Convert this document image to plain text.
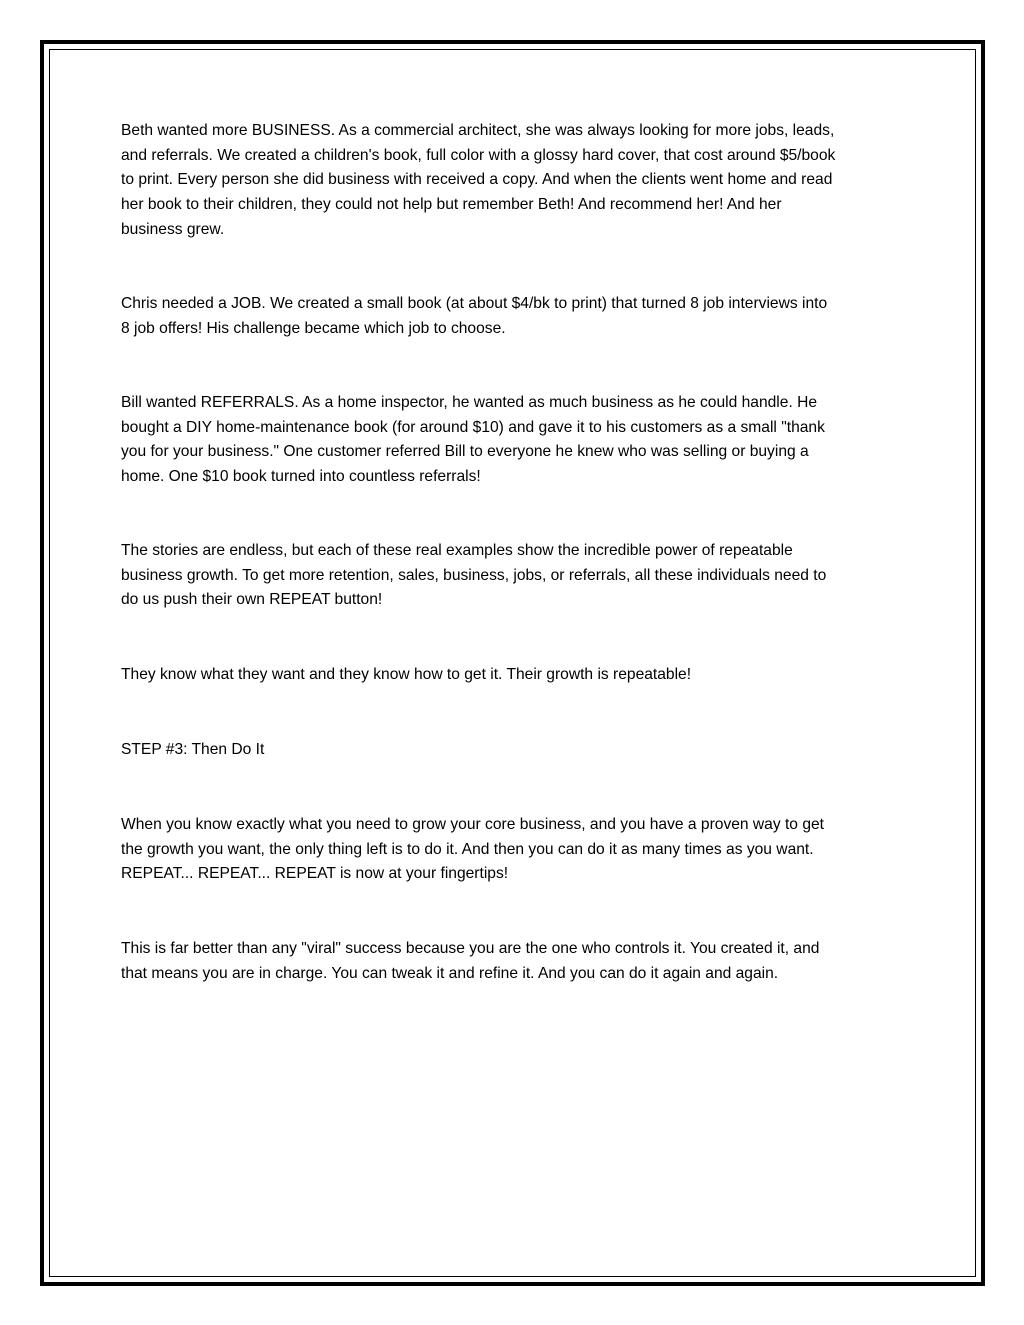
Beth wanted more BUSINESS. As a commercial architect, she was always looking for more jobs, leads,
and referrals. We created a children's book, full color with a glossy hard cover, that cost around $5/book
to print. Every person she did business with received a copy. And when the clients went home and read
her book to their children, they could not help but remember Beth! And recommend her! And her
business grew.

Chris needed a JOB. We created a small book (at about $4/bk to print) that turned 8 job interviews into
8 job offers! His challenge became which job to choose.

Bill wanted REFERRALS. As a home inspector, he wanted as much business as he could handle. He
bought a DIY home-maintenance book (for around $10) and gave it to his customers as a small "thank
you for your business." One customer referred Bill to everyone he knew who was selling or buying a
home. One $10 book turned into countless referrals!

The stories are endless, but each of these real examples show the incredible power of repeatable
business growth. To get more retention, sales, business, jobs, or referrals, all these individuals need to
do us push their own REPEAT button!

They know what they want and they know how to get it. Their growth is repeatable!

STEP #3: Then Do It

When you know exactly what you need to grow your core business, and you have a proven way to get
the growth you want, the only thing left is to do it. And then you can do it as many times as you want.
REPEAT... REPEAT... REPEAT is now at your fingertips!

This is far better than any "viral" success because you are the one who controls it. You created it, and
that means you are in charge. You can tweak it and refine it. And you can do it again and again.
